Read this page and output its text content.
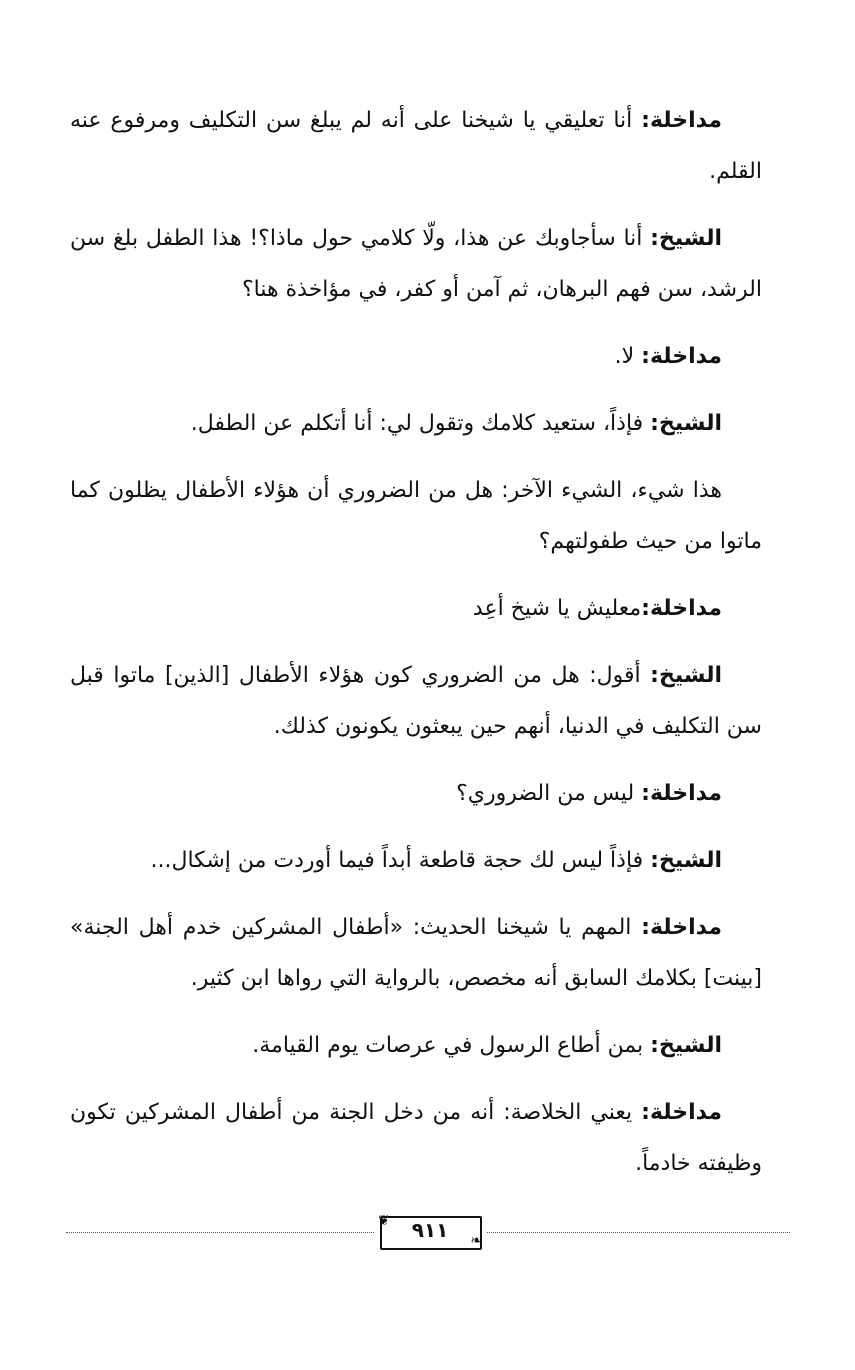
مداخلة: أنا تعليقي يا شيخنا على أنه لم يبلغ سن التكليف ومرفوع عنه القلم.

الشيخ: أنا سأجاوبك عن هذا، ولّا كلامي حول ماذا؟! هذا الطفل بلغ سن الرشد، سن فهم البرهان، ثم آمن أو كفر، في مؤاخذة هنا؟

مداخلة: لا.

الشيخ: فإذاً، ستعيد كلامك وتقول لي: أنا أتكلم عن الطفل.

هذا شيء، الشيء الآخر: هل من الضروري أن هؤلاء الأطفال يظلون كما ماتوا من حيث طفولتهم؟

مداخلة:معليش يا شيخ أعِد

الشيخ: أقول: هل من الضروري كون هؤلاء الأطفال [الذين] ماتوا قبل سن التكليف في الدنيا، أنهم حين يبعثون يكونون كذلك.

مداخلة: ليس من الضروري؟

الشيخ: فإذاً ليس لك حجة قاطعة أبداً فيما أوردت من إشكال...

مداخلة: المهم يا شيخنا الحديث: «أطفال المشركين خدم أهل الجنة» [بينت] بكلامك السابق أنه مخصص، بالرواية التي رواها ابن كثير.

الشيخ: بمن أطاع الرسول في عرصات يوم القيامة.

مداخلة: يعني الخلاصة: أنه من دخل الجنة من أطفال المشركين تكون وظيفته خادماً.

❦
❧
٩١١
